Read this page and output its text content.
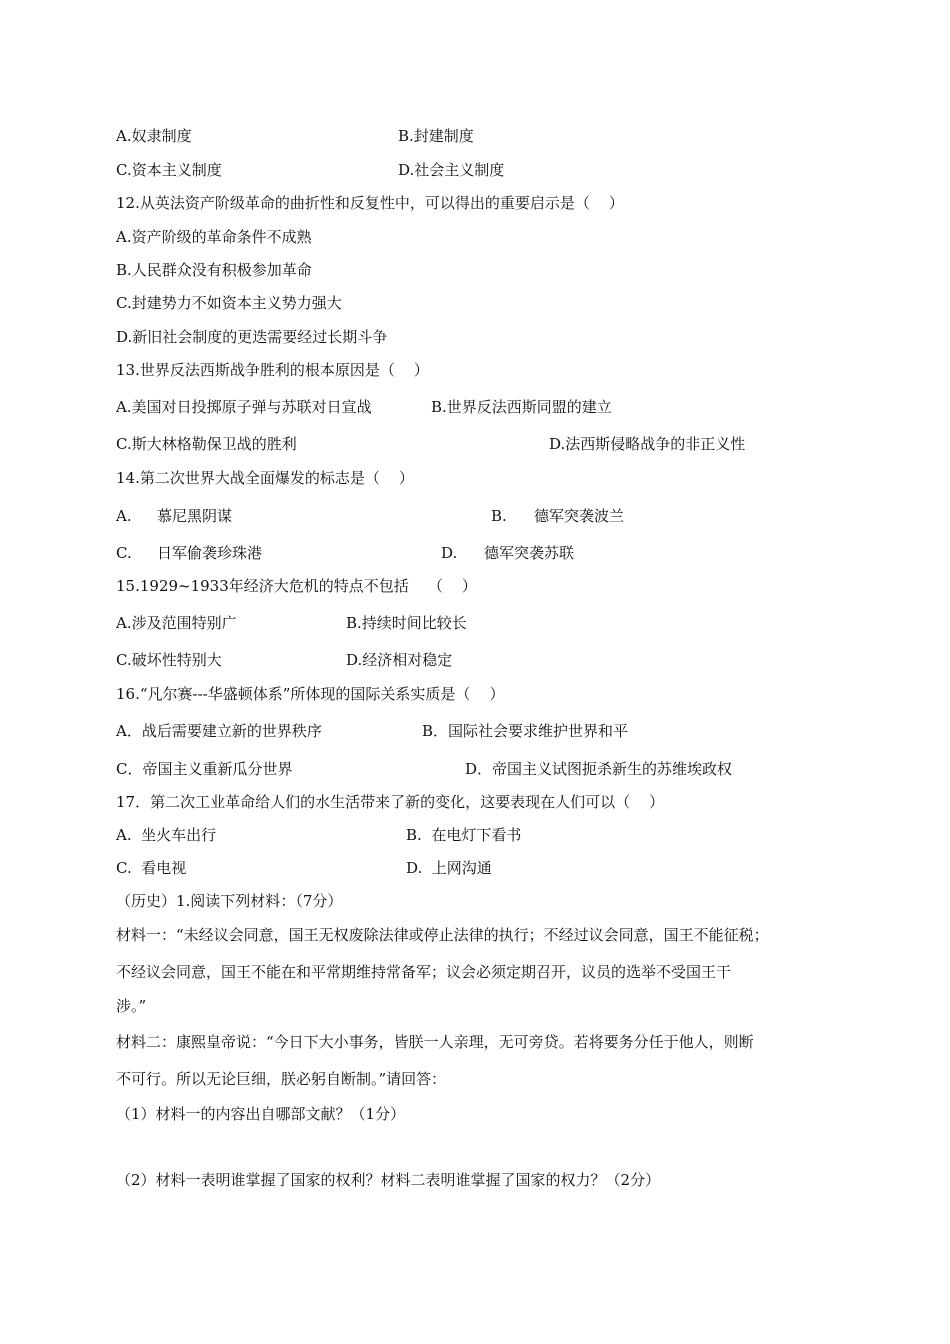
A.奴隶制度	B.封建制度
C.资本主义制度	D.社会主义制度
12.从英法资产阶级革命的曲折性和反复性中，可以得出的重要启示是（    ）
A.资产阶级的革命条件不成熟
B.人民群众没有积极参加革命
C.封建势力不如资本主义势力强大
D.新旧社会制度的更迭需要经过长期斗争
13.世界反法西斯战争胜利的根本原因是（    ）
A.美国对日投掷原子弹与苏联对日宣战	B.世界反法西斯同盟的建立
C.斯大林格勒保卫战的胜利	D.法西斯侵略战争的非正义性
14.第二次世界大战全面爆发的标志是（    ）
A. 慕尼黑阴谋	B. 德军突袭波兰
C. 日军偷袭珍珠港	D. 德军突袭苏联
15.1929~1933年经济大危机的特点不包括    （    ）
A.涉及范围特别广	B.持续时间比较长
C.破坏性特别大	D.经济相对稳定
16.“凡尔赛---华盛顿体系”所体现的国际关系实质是（    ）
A．战后需要建立新的世界秩序	B．国际社会要求维护世界和平
C．帝国主义重新瓜分世界	D．帝国主义试图扼杀新生的苏维埃政权
17．第二次工业革命给人们的水生活带来了新的变化，这要表现在人们可以（    ）
A.  坐火车出行	B.  在电灯下看书
C.  看电视	D.  上网沟通
（历史）1.阅读下列材料：（7分）
材料一：“未经议会同意，国王无权废除法律或停止法律的执行；不经过议会同意，国王不能征税；
不经议会同意，国王不能在和平常期维持常备军；议会必须定期召开，议员的选举不受国王干
涉。”
材料二：康熙皇帝说：“今日下大小事务，皆朕一人亲理，无可旁贷。若将要务分任于他人，则断
不可行。所以无论巨细，朕必躬自断制。”请回答：
（1）材料一的内容出自哪部文献？（1分）
（2）材料一表明谁掌握了国家的权利？材料二表明谁掌握了国家的权力？（2分）
